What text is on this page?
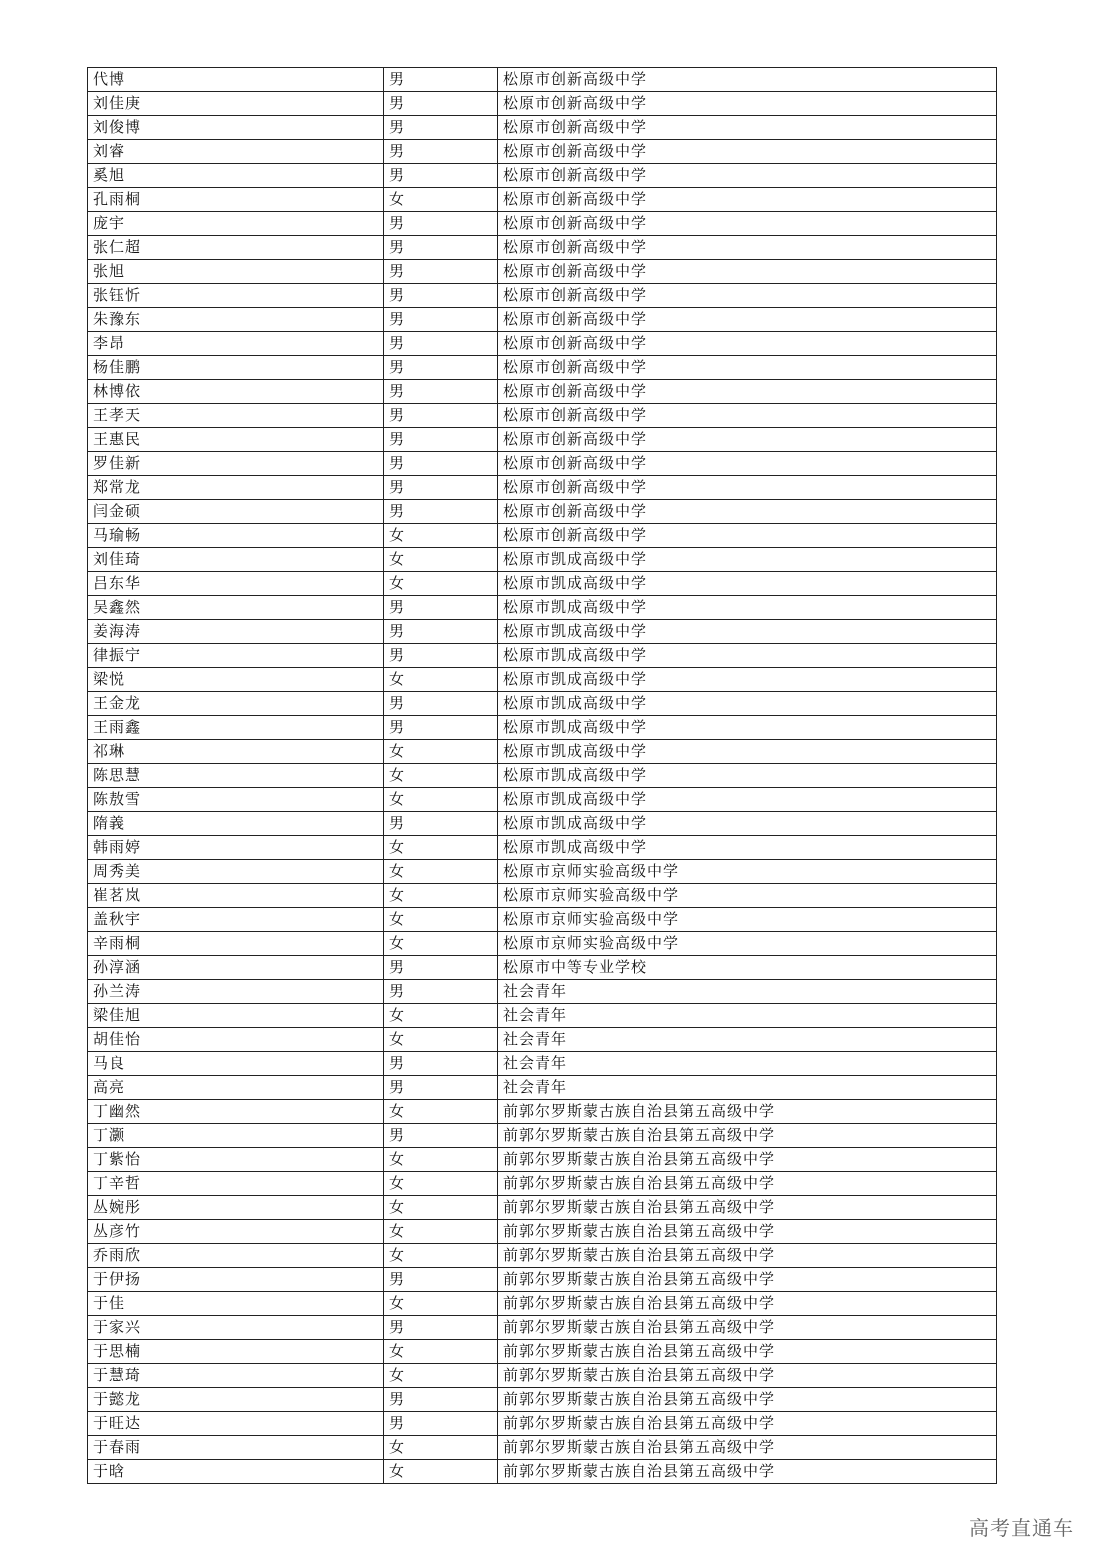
代博	男	松原市创新高级中学
刘佳庚	男	松原市创新高级中学
刘俊博	男	松原市创新高级中学
刘睿	男	松原市创新高级中学
奚旭	男	松原市创新高级中学
孔雨桐	女	松原市创新高级中学
庞宇	男	松原市创新高级中学
张仁超	男	松原市创新高级中学
张旭	男	松原市创新高级中学
张钰忻	男	松原市创新高级中学
朱豫东	男	松原市创新高级中学
李昂	男	松原市创新高级中学
杨佳鹏	男	松原市创新高级中学
林博依	男	松原市创新高级中学
王孝天	男	松原市创新高级中学
王惠民	男	松原市创新高级中学
罗佳新	男	松原市创新高级中学
郑常龙	男	松原市创新高级中学
闫金硕	男	松原市创新高级中学
马瑜畅	女	松原市创新高级中学
刘佳琦	女	松原市凯成高级中学
吕东华	女	松原市凯成高级中学
吴鑫然	男	松原市凯成高级中学
姜海涛	男	松原市凯成高级中学
律振宁	男	松原市凯成高级中学
梁悦	女	松原市凯成高级中学
王金龙	男	松原市凯成高级中学
王雨鑫	男	松原市凯成高级中学
祁琳	女	松原市凯成高级中学
陈思慧	女	松原市凯成高级中学
陈敖雪	女	松原市凯成高级中学
隋義	男	松原市凯成高级中学
韩雨婷	女	松原市凯成高级中学
周秀美	女	松原市京师实验高级中学
崔茗岚	女	松原市京师实验高级中学
盖秋宇	女	松原市京师实验高级中学
辛雨桐	女	松原市京师实验高级中学
孙淳涵	男	松原市中等专业学校
孙兰涛	男	社会青年
梁佳旭	女	社会青年
胡佳怡	女	社会青年
马良	男	社会青年
高亮	男	社会青年
丁幽然	女	前郭尔罗斯蒙古族自治县第五高级中学
丁灏	男	前郭尔罗斯蒙古族自治县第五高级中学
丁紫怡	女	前郭尔罗斯蒙古族自治县第五高级中学
丁辛哲	女	前郭尔罗斯蒙古族自治县第五高级中学
丛婉彤	女	前郭尔罗斯蒙古族自治县第五高级中学
丛彦竹	女	前郭尔罗斯蒙古族自治县第五高级中学
乔雨欣	女	前郭尔罗斯蒙古族自治县第五高级中学
于伊扬	男	前郭尔罗斯蒙古族自治县第五高级中学
于佳	女	前郭尔罗斯蒙古族自治县第五高级中学
于家兴	男	前郭尔罗斯蒙古族自治县第五高级中学
于思楠	女	前郭尔罗斯蒙古族自治县第五高级中学
于慧琦	女	前郭尔罗斯蒙古族自治县第五高级中学
于懿龙	男	前郭尔罗斯蒙古族自治县第五高级中学
于旺达	男	前郭尔罗斯蒙古族自治县第五高级中学
于春雨	女	前郭尔罗斯蒙古族自治县第五高级中学
于晗	女	前郭尔罗斯蒙古族自治县第五高级中学
高考直通车
